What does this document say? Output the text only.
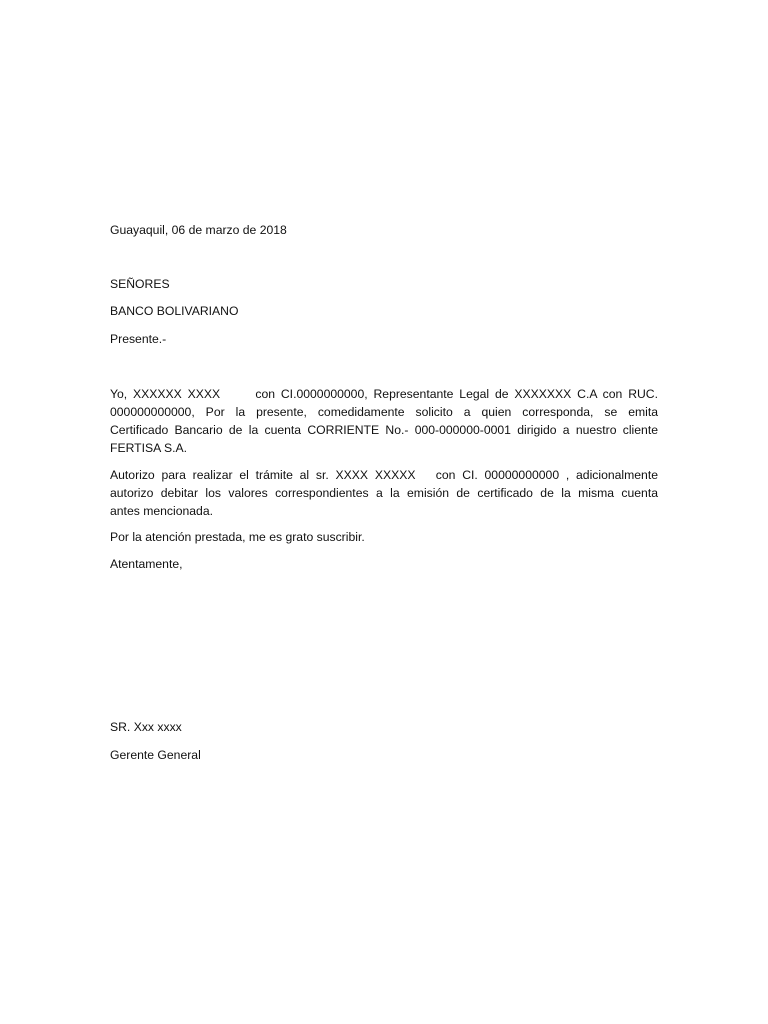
Guayaquil, 06 de marzo de 2018
SEÑORES
BANCO BOLIVARIANO
Presente.-
Yo, XXXXXX XXXX      con CI.0000000000, Representante Legal de XXXXXXX C.A con RUC.
000000000000, Por la presente, comedidamente solicito a quien corresponda, se emita
Certificado Bancario de la cuenta CORRIENTE No.- 000-000000-0001 dirigido a nuestro cliente
FERTISA S.A.
Autorizo para realizar el trámite al sr. XXXX XXXXX   con CI. 00000000000 , adicionalmente
autorizo debitar los valores correspondientes a la emisión de certificado de la misma cuenta
antes mencionada.
Por la atención prestada, me es grato suscribir.
Atentamente,
SR. Xxx xxxx
Gerente General
